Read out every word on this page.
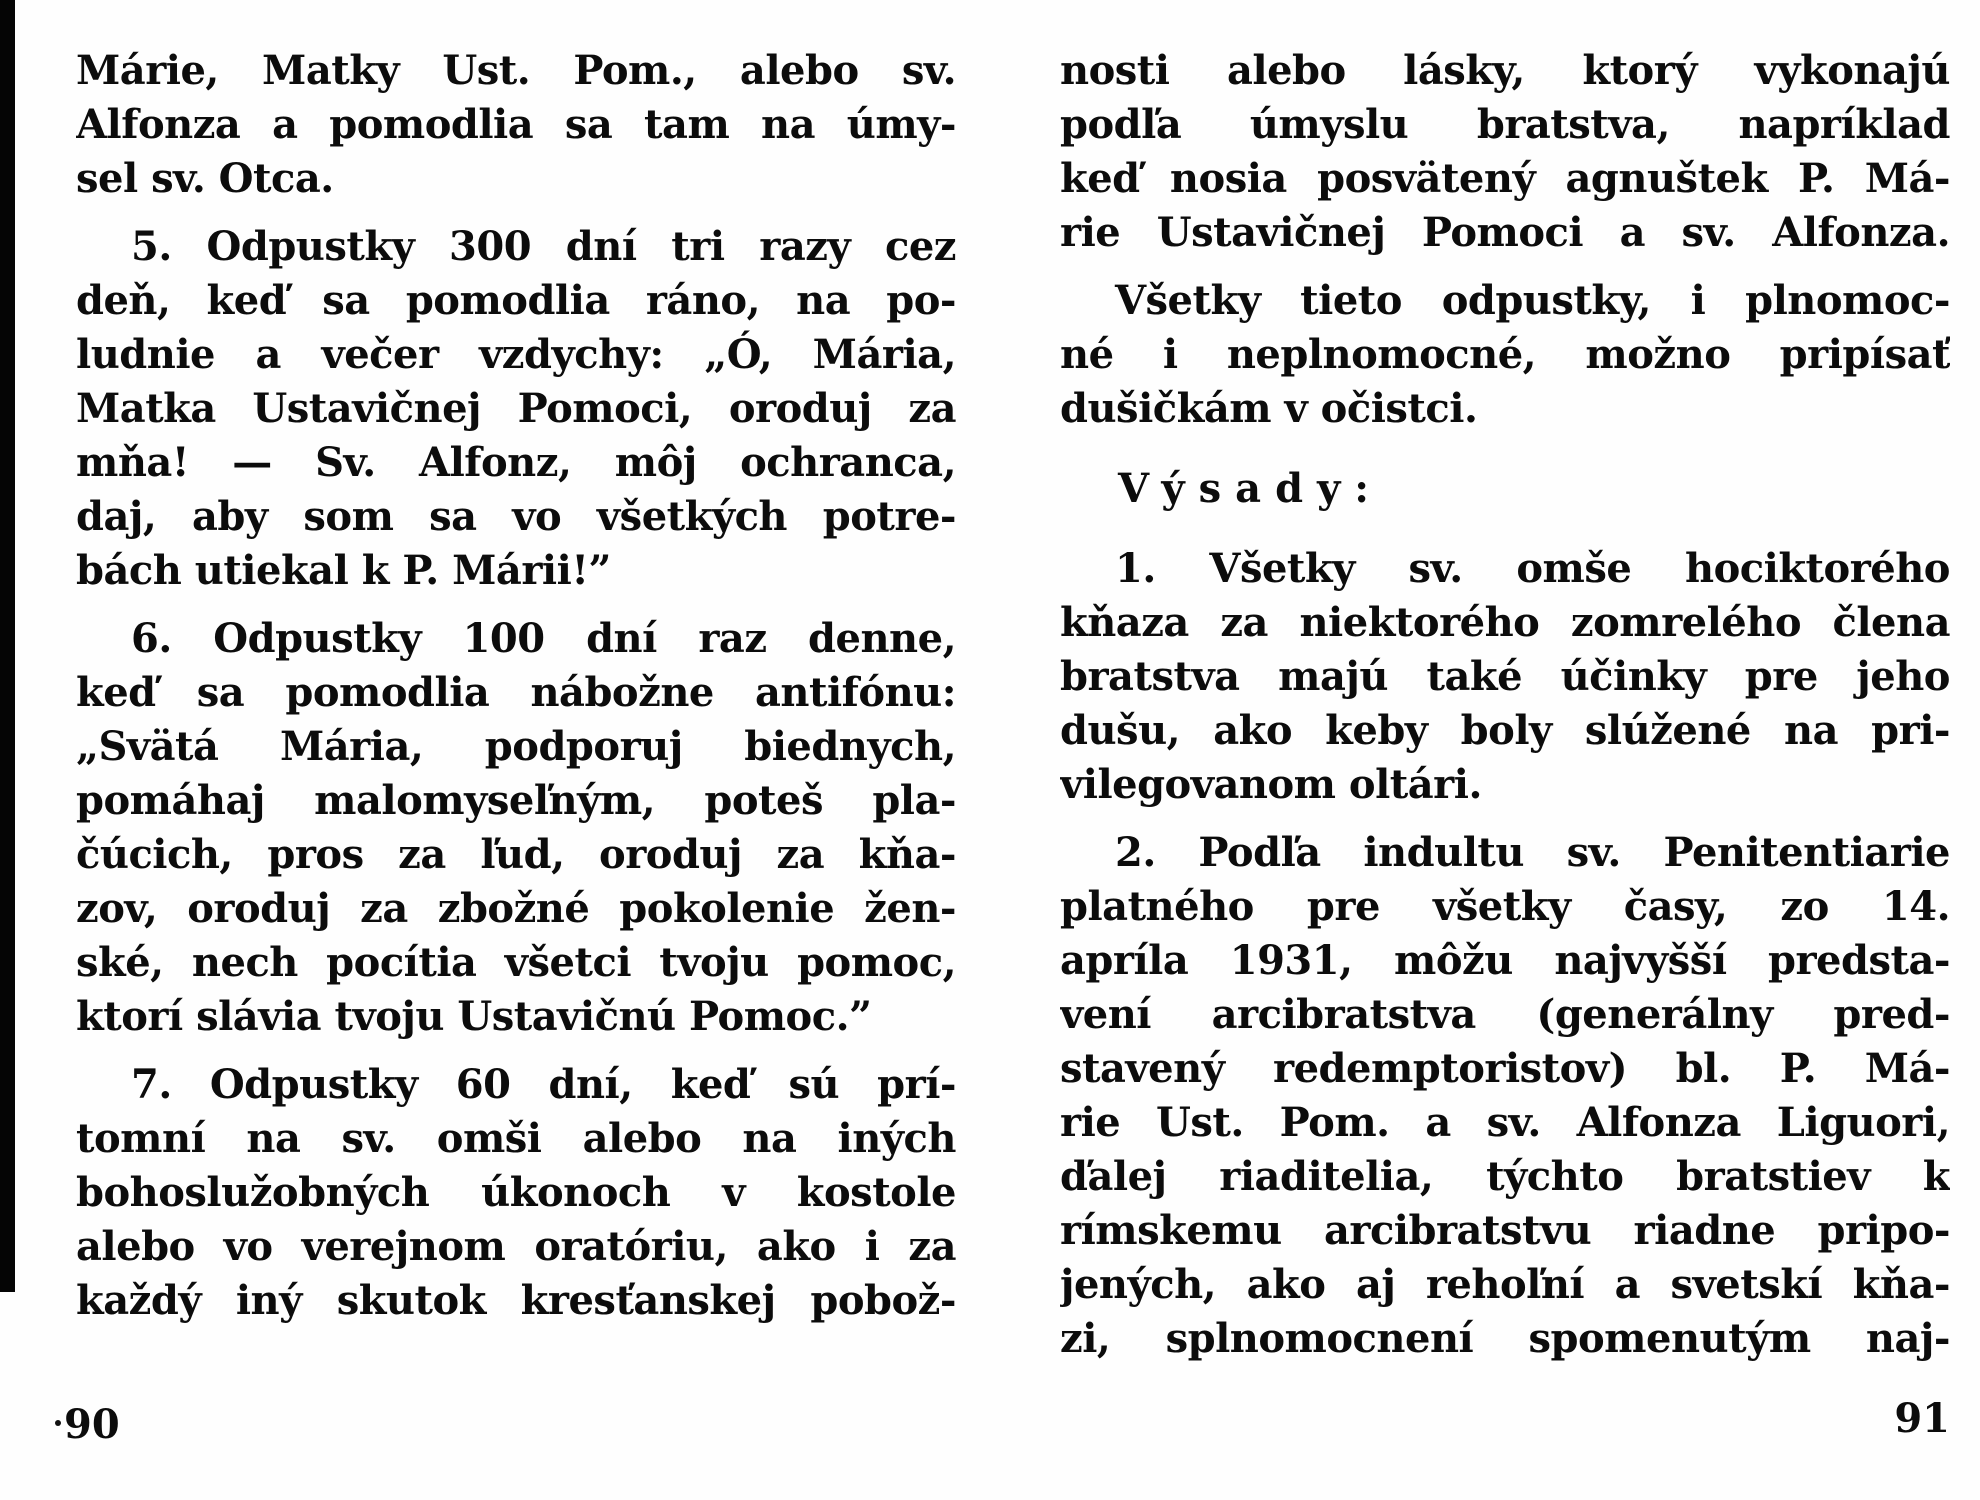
Márie, Matky Ust. Pom., alebo sv.
Alfonza a pomodlia sa tam na úmy-
sel sv. Otca.
5. Odpustky 300 dní tri razy cez
deň, keď sa pomodlia ráno, na po-
ludnie a večer vzdychy: „Ó, Mária,
Matka Ustavičnej Pomoci, oroduj za
mňa! — Sv. Alfonz, môj ochranca,
daj, aby som sa vo všetkých potre-
bách utiekal k P. Márii!”
6. Odpustky 100 dní raz denne,
keď sa pomodlia nábožne antifónu:
„Svätá Mária, podporuj biednych,
pomáhaj malomyseľným, poteš pla-
čúcich, pros za ľud, oroduj za kňa-
zov, oroduj za zbožné pokolenie žen-
ské, nech pocítia všetci tvoju pomoc,
ktorí slávia tvoju Ustavičnú Pomoc.”
7. Odpustky 60 dní, keď sú prí-
tomní na sv. omši alebo na iných
bohoslužobných úkonoch v kostole
alebo vo verejnom oratóriu, ako i za
každý iný skutok kresťanskej pobož-
nosti alebo lásky, ktorý vykonajú
podľa úmyslu bratstva, napríklad
keď nosia posvätený agnuštek P. Má-
rie Ustavičnej Pomoci a sv. Alfonza.
Všetky tieto odpustky, i plnomoc-
né i neplnomocné, možno pripísať
dušičkám v očistci.
Výsady:
1. Všetky sv. omše hociktorého
kňaza za niektorého zomrelého člena
bratstva majú také účinky pre jeho
dušu, ako keby boly slúžené na pri-
vilegovanom oltári.
2. Podľa indultu sv. Penitentiarie
platného pre všetky časy, zo 14.
apríla 1931, môžu najvyšší predsta-
vení arcibratstva (generálny pred-
stavený redemptoristov) bl. P. Má-
rie Ust. Pom. a sv. Alfonza Liguori,
ďalej riaditelia, týchto bratstiev k
rímskemu arcibratstvu riadne pripo-
jených, ako aj rehoľní a svetskí kňa-
zi, splnomocnení spomenutým naj-
90	91
